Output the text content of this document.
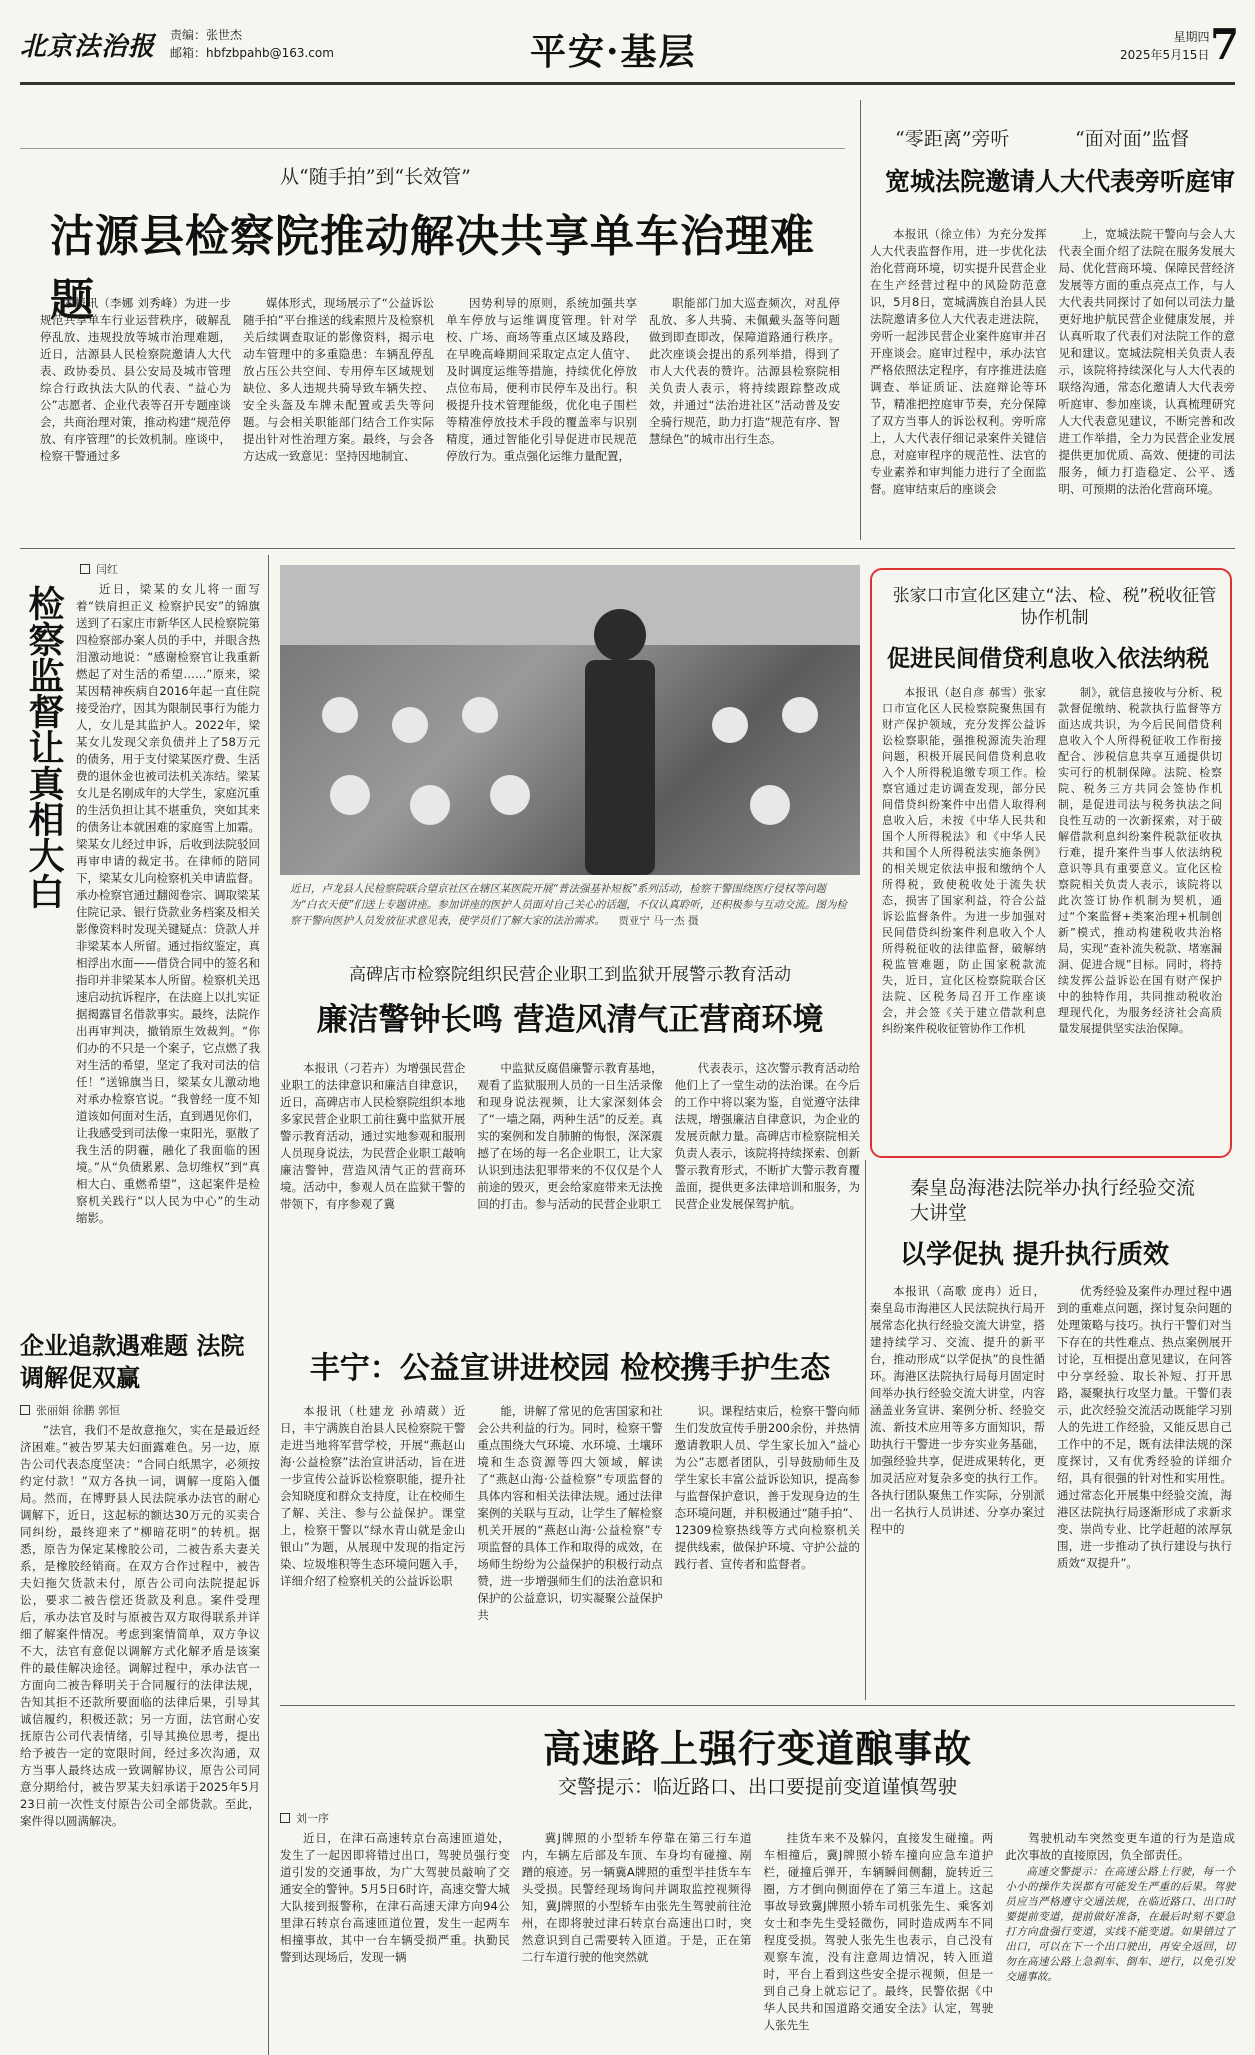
北京法治报 责编：张世杰
邮箱：hbfzbpahb@163.com	平安·基层	星期四
2025年5月15日 7
从“随手拍”到“长效管”
沽源县检察院推动解决共享单车治理难题

本报讯（李娜 刘秀峰）为进一步规范共享单车行业运营秩序，破解乱停乱放、违规投放等城市治理难题，近日，沽源县人民检察院邀请人大代表、政协委员、县公安局及城市管理综合行政执法大队的代表、“益心为公”志愿者、企业代表等召开专题座谈会，共商治理对策，推动构建“规范停放、有序管理”的长效机制。座谈中，检察干警通过多

媒体形式，现场展示了“公益诉讼随手拍”平台推送的线索照片及检察机关后续调查取证的影像资料，揭示电动车管理中的多重隐患：车辆乱停乱放占压公共空间、专用停车区域规划缺位、多人违规共骑导致车辆失控、安全头盔及车牌未配置或丢失等问题。与会相关职能部门结合工作实际提出针对性治理方案。最终，与会各方达成一致意见：坚持因地制宜、

因势利导的原则，系统加强共享单车停放与运维调度管理。针对学校、广场、商场等重点区域及路段，在早晚高峰期间采取定点定人值守、及时调度运维等措施，持续优化停放点位布局，便利市民停车及出行。积极提升技术管理能级，优化电子围栏等精准停放技术手段的覆盖率与识别精度，通过智能化引导促进市民规范停放行为。重点强化运维力量配置，

职能部门加大巡查频次，对乱停乱放、多人共骑、未佩戴头盔等问题做到即查即改，保障道路通行秩序。此次座谈会提出的系列举措，得到了市人大代表的赞许。沽源县检察院相关负责人表示，将持续跟踪整改成效，并通过“法治进社区”活动普及安全骑行规范，助力打造“规范有序、智慧绿色”的城市出行生态。

“零距离”旁听	“面对面”监督
宽城法院邀请人大代表旁听庭审

本报讯（徐立伟）为充分发挥人大代表监督作用，进一步优化法治化营商环境，切实提升民营企业在生产经营过程中的风险防范意识，5月8日，宽城满族自治县人民法院邀请多位人大代表走进法院，旁听一起涉民营企业案件庭审并召开座谈会。庭审过程中，承办法官严格依照法定程序，有序推进法庭调查、举证质证、法庭辩论等环节，精准把控庭审节奏，充分保障了双方当事人的诉讼权利。旁听席上，人大代表仔细记录案件关键信息，对庭审程序的规范性、法官的专业素养和审判能力进行了全面监督。庭审结束后的座谈会

上，宽城法院干警向与会人大代表全面介绍了法院在服务发展大局、优化营商环境、保障民营经济发展等方面的重点亮点工作，与人大代表共同探讨了如何以司法力量更好地护航民营企业健康发展，并认真听取了代表们对法院工作的意见和建议。宽城法院相关负责人表示，该院将持续深化与人大代表的联络沟通，常态化邀请人大代表旁听庭审、参加座谈，认真梳理研究人大代表意见建议，不断完善和改进工作举措，全力为民营企业发展提供更加优质、高效、便捷的司法服务，倾力打造稳定、公平、透明、可预期的法治化营商环境。

检察监督让真相大白
闫红

近日，梁某的女儿将一面写着“铁肩担正义 检察护民安”的锦旗送到了石家庄市新华区人民检察院第四检察部办案人员的手中，并眼含热泪激动地说：“感谢检察官让我重新燃起了对生活的希望……”原来，梁某因精神疾病自2016年起一直住院接受治疗，因其为限制民事行为能力人，女儿是其监护人。2022年，梁某女儿发现父亲负债并上了58万元的债务，用于支付梁某医疗费、生活费的退休金也被司法机关冻结。梁某女儿是名刚成年的大学生，家庭沉重的生活负担让其不堪重负，突如其来的债务让本就困难的家庭雪上加霜。梁某女儿经过申诉，后收到法院驳回再审申请的裁定书。在律师的陪同下，梁某女儿向检察机关申请监督。承办检察官通过翻阅卷宗、调取梁某住院记录、银行贷款业务档案及相关影像资料时发现关键疑点：贷款人并非梁某本人所留。通过指纹鉴定，真相浮出水面——借贷合同中的签名和指印并非梁某本人所留。检察机关迅速启动抗诉程序，在法庭上以扎实证据揭露冒名借款事实。最终，法院作出再审判决，撤销原生效裁判。“你们办的不只是一个案子，它点燃了我对生活的希望，坚定了我对司法的信任！”送锦旗当日，梁某女儿激动地对承办检察官说。“我曾经一度不知道该如何面对生活，直到遇见你们，让我感受到司法像一束阳光，驱散了我生活的阴霾，融化了我面临的困境。”从“负债累累、急切维权”到“真相大白、重燃希望”，这起案件是检察机关践行“以人民为中心”的生动缩影。

近日，卢龙县人民检察院联合望京社区在辖区某医院开展“普法强基补短板”系列活动，检察干警围绕医疗侵权等问题为“白衣天使”们送上专题讲座。参加讲座的医护人员面对自己关心的话题，不仅认真聆听，还积极参与互动交流。图为检察干警向医护人员发放征求意见表，使学员们了解大家的法治需求。 贾亚宁 马一杰 摄
张家口市宣化区建立“法、检、税”税收征管协作机制
促进民间借贷利息收入依法纳税

本报讯（赵自彦 郝雪）张家口市宣化区人民检察院聚焦国有财产保护领域，充分发挥公益诉讼检察职能，强推税源流失治理问题，积极开展民间借贷利息收入个人所得税追缴专项工作。检察官通过走访调查发现，部分民间借贷纠纷案件中出借人取得利息收入后，未按《中华人民共和国个人所得税法》和《中华人民共和国个人所得税法实施条例》的相关规定依法申报和缴纳个人所得税，致使税收处于流失状态，损害了国家利益，符合公益诉讼监督条件。为进一步加强对民间借贷纠纷案件利息收入个人所得税征收的法律监督，破解纳税监管难题，防止国家税款流失，近日，宣化区检察院联合区法院、区税务局召开工作座谈会，并会签《关于建立借款利息纠纷案件税收征管协作工作机

制》，就信息接收与分析、税款督促缴纳、税款执行监督等方面达成共识，为今后民间借贷利息收入个人所得税征收工作衔接配合、涉税信息共享互通提供切实可行的机制保障。法院、检察院、税务三方共同会签协作机制，是促进司法与税务执法之间良性互动的一次新探索，对于破解借款利息纠纷案件税款征收执行难，提升案件当事人依法纳税意识等具有重要意义。宣化区检察院相关负责人表示，该院将以此次签订协作机制为契机，通过“个案监督+类案治理+机制创新”模式，推动构建税收共治格局，实现“查补流失税款、堵塞漏洞、促进合规”目标。同时，将持续发挥公益诉讼在国有财产保护中的独特作用，共同推动税收治理现代化，为服务经济社会高质量发展提供坚实法治保障。

高碑店市检察院组织民营企业职工到监狱开展警示教育活动
廉洁警钟长鸣 营造风清气正营商环境

本报讯（刁若卉）为增强民营企业职工的法律意识和廉洁自律意识，近日，高碑店市人民检察院组织本地多家民营企业职工前往冀中监狱开展警示教育活动，通过实地参观和服刑人员现身说法，为民营企业职工敲响廉洁警钟，营造风清气正的营商环境。活动中，参观人员在监狱干警的带领下，有序参观了冀

中监狱反腐倡廉警示教育基地，观看了监狱服刑人员的一日生活录像和现身说法视频，让大家深刻体会了“一墙之隔，两种生活”的反差。真实的案例和发自肺腑的悔恨，深深震撼了在场的每一名企业职工，让大家认识到违法犯罪带来的不仅仅是个人前途的毁灭，更会给家庭带来无法挽回的打击。参与活动的民营企业职工

代表表示，这次警示教育活动给他们上了一堂生动的法治课。在今后的工作中将以案为鉴，自觉遵守法律法规，增强廉洁自律意识，为企业的发展贡献力量。高碑店市检察院相关负责人表示，该院将持续探索、创新警示教育形式，不断扩大警示教育覆盖面，提供更多法律培训和服务，为民营企业发展保驾护航。

秦皇岛海港法院举办执行经验交流大讲堂
以学促执 提升执行质效

本报讯（高歌 庞冉）近日，秦皇岛市海港区人民法院执行局开展常态化执行经验交流大讲堂，搭建持续学习、交流、提升的新平台，推动形成“以学促执”的良性循环。海港区法院执行局每月固定时间举办执行经验交流大讲堂，内容涵盖业务宣讲、案例分析、经验交流、新技术应用等多方面知识，帮助执行干警进一步夯实业务基础，加强经验共享，促进成果转化，更加灵活应对复杂多变的执行工作。各执行团队聚焦工作实际，分别派出一名执行人员讲述、分享办案过程中的

优秀经验及案件办理过程中遇到的重难点问题，探讨复杂问题的处理策略与技巧。执行干警们对当下存在的共性难点、热点案例展开讨论，互相提出意见建议，在问答中分享经验、取长补短、打开思路，凝聚执行攻坚力量。干警们表示，此次经验交流活动既能学习别人的先进工作经验，又能反思自己工作中的不足，既有法律法规的深度探讨，又有优秀经验的详细介绍，具有很强的针对性和实用性。通过常态化开展集中经验交流，海港区法院执行局逐渐形成了求新求变、崇尚专业、比学赶超的浓厚氛围，进一步推动了执行建设与执行质效“双提升”。

企业追款遇难题 法院调解促双赢
张丽娟 徐鹏 郭恒

“法官，我们不是故意拖欠，实在是最近经济困难。”被告罗某夫妇面露难色。另一边，原告公司代表态度坚决：“合同白纸黑字，必须按约定付款！”双方各执一词，调解一度陷入僵局。然而，在博野县人民法院承办法官的耐心调解下，近日，这起标的额达30万元的买卖合同纠纷，最终迎来了“柳暗花明”的转机。据悉，原告为保定某橡胶公司，二被告系夫妻关系，是橡胶经销商。在双方合作过程中，被告夫妇拖欠货款未付，原告公司向法院提起诉讼，要求二被告偿还货款及利息。案件受理后，承办法官及时与原被告双方取得联系并详细了解案件情况。考虑到案情简单，双方争议不大，法官有意促以调解方式化解矛盾是该案件的最佳解决途径。调解过程中，承办法官一方面向二被告释明关于合同履行的法律法规，告知其拒不还款所要面临的法律后果，引导其诚信履约，积极还款；另一方面，法官耐心安抚原告公司代表情绪，引导其换位思考，提出给予被告一定的宽限时间，经过多次沟通，双方当事人最终达成一致调解协议，原告公司同意分期给付，被告罗某夫妇承诺于2025年5月23日前一次性支付原告公司全部货款。至此，案件得以圆满解决。

丰宁：公益宣讲进校园 检校携手护生态

本报讯（杜建龙 孙靖葳）近日，丰宁满族自治县人民检察院干警走进当地将军营学校，开展“燕赵山海·公益检察”法治宣讲活动，旨在进一步宣传公益诉讼检察职能，提升社会知晓度和群众支持度，让在校师生了解、关注、参与公益保护。课堂上，检察干警以“绿水青山就是金山银山”为题，从展现中发现的指定污染、垃圾堆积等生态环境问题入手，详细介绍了检察机关的公益诉讼职

能，讲解了常见的危害国家和社会公共利益的行为。同时，检察干警重点围绕大气环境、水环境、土壤环境和生态资源等四大领域，解读了“燕赵山海·公益检察”专项监督的具体内容和相关法律法规。通过法律案例的关联与互动，让学生了解检察机关开展的“燕赵山海·公益检察”专项监督的具体工作和取得的成效，在场师生纷纷为公益保护的积极行动点赞，进一步增强师生们的法治意识和保护的公益意识，切实凝聚公益保护共

识。课程结束后，检察干警向师生们发放宣传手册200余份，并热情邀请教职人员、学生家长加入“益心为公”志愿者团队，引导鼓励师生及学生家长丰富公益诉讼知识，提高参与监督保护意识，善于发现身边的生态环境问题，并积极通过“随手拍”、12309检察热线等方式向检察机关提供线索，做保护环境、守护公益的践行者、宣传者和监督者。

高速路上强行变道酿事故
交警提示：临近路口、出口要提前变道谨慎驾驶
刘一序

近日，在津石高速转京台高速匝道处，发生了一起因即将错过出口，驾驶员强行变道引发的交通事故，为广大驾驶员敲响了交通安全的警钟。5月5日6时许，高速交警大城大队接到报警称，在津石高速天津方向94公里津石转京台高速匝道位置，发生一起两车相撞事故，其中一台车辆受损严重。执勤民警到达现场后，发现一辆

冀J牌照的小型轿车停靠在第三行车道内，车辆左后部及车顶、车身均有碰撞、剐蹭的痕迹。另一辆冀A牌照的重型半挂货车车头受损。民警经现场询问并调取监控视频得知，冀J牌照的小型轿车由张先生驾驶前往沧州，在即将驶过津石转京台高速出口时，突然意识到自己需要转入匝道。于是，正在第二行车道行驶的他突然就

挂货车来不及躲闪，直接发生碰撞。两车相撞后，冀J牌照小轿车撞向应急车道护栏，碰撞后弹开，车辆瞬间侧翻，旋转近三圈，方才倒向侧面停在了第三车道上。这起事故导致冀J牌照小轿车司机张先生、乘客刘女士和李先生受轻微伤，同时造成两车不同程度受损。驾驶人张先生也表示，自己没有观察车流，没有注意周边情况，转入匝道时，平台上看到这些安全提示视频，但是一到自己身上就忘记了。最终，民警依据《中华人民共和国道路交通安全法》认定，驾驶人张先生

驾驶机动车突然变更车道的行为是造成此次事故的直接原因，负全部责任。

高速交警提示：在高速公路上行驶，每一个小小的操作失误都有可能发生严重的后果。驾驶员应当严格遵守交通法规，在临近路口、出口时要提前变道，提前做好准备，在最后时刻不要急打方向盘强行变道，实线不能变道。如果错过了出口，可以在下一个出口驶出，再安全返回，切勿在高速公路上急刹车、倒车、逆行，以免引发交通事故。
